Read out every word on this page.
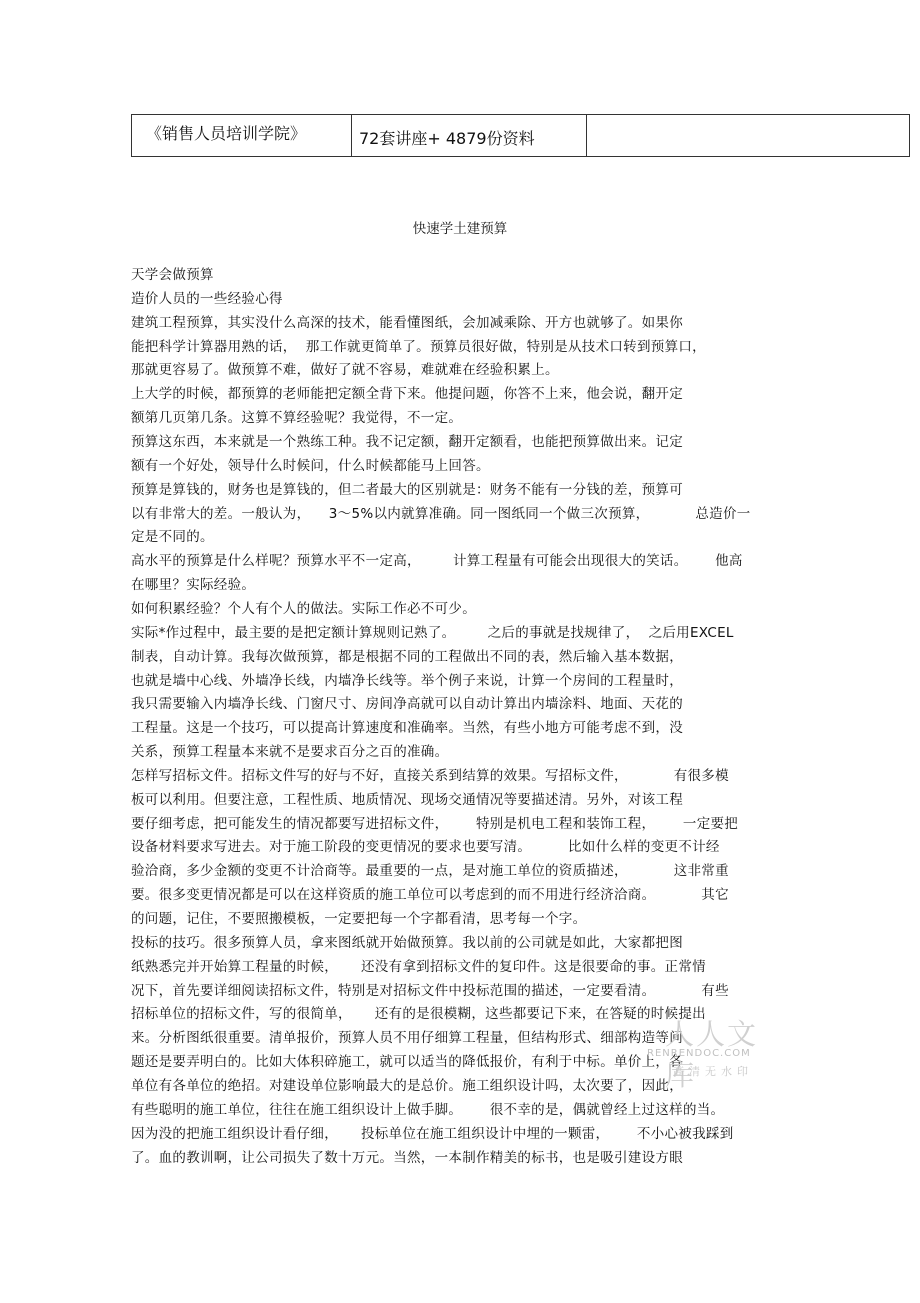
《销售人员培训学院》	72套讲座+ 4879份资料
快速学土建预算
天学会做预算
造价人员的一些经验心得
建筑工程预算，其实没什么高深的技术，能看懂图纸，会加减乘除、开方也就够了。如果你
能把科学计算器用熟的话，  那工作就更简单了。预算员很好做，特别是从技术口转到预算口，
那就更容易了。做预算不难，做好了就不容易，难就难在经验积累上。
上大学的时候，都预算的老师能把定额全背下来。他提问题，你答不上来，他会说，翻开定
额第几页第几条。这算不算经验呢？我觉得，不一定。
预算这东西，本来就是一个熟练工种。我不记定额，翻开定额看，也能把预算做出来。记定
额有一个好处，领导什么时候问，什么时候都能马上回答。
预算是算钱的，财务也是算钱的，但二者最大的区别就是：财务不能有一分钱的差，预算可
以有非常大的差。一般认为，    3～5%以内就算准确。同一图纸同一个做三次预算，          总造价一
定是不同的。
高水平的预算是什么样呢？预算水平不一定高，       计算工程量有可能会出现很大的笑话。      他高
在哪里？实际经验。
如何积累经验？个人有个人的做法。实际工作必不可少。
实际*作过程中，最主要的是把定额计算规则记熟了。       之后的事就是找规律了，  之后用EXCEL
制表，自动计算。我每次做预算，都是根据不同的工程做出不同的表，然后输入基本数据，
也就是墙中心线、外墙净长线，内墙净长线等。举个例子来说，计算一个房间的工程量时，
我只需要输入内墙净长线、门窗尺寸、房间净高就可以自动计算出内墙涂料、地面、天花的
工程量。这是一个技巧，可以提高计算速度和准确率。当然，有些小地方可能考虑不到，没
关系，预算工程量本来就不是要求百分之百的准确。
怎样写招标文件。招标文件写的好与不好，直接关系到结算的效果。写招标文件，          有很多模
板可以利用。但要注意，工程性质、地质情况、现场交通情况等要描述清。另外，对该工程
要仔细考虑，把可能发生的情况都要写进招标文件，      特别是机电工程和装饰工程，      一定要把
设备材料要求写进去。对于施工阶段的变更情况的要求也要写清。        比如什么样的变更不计经
验洽商，多少金额的变更不计洽商等。最重要的一点，是对施工单位的资质描述，          这非常重
要。很多变更情况都是可以在这样资质的施工单位可以考虑到的而不用进行经济洽商。          其它
的问题，记住，不要照搬模板，一定要把每一个字都看清，思考每一个字。
投标的技巧。很多预算人员，拿来图纸就开始做预算。我以前的公司就是如此，大家都把图
纸熟悉完并开始算工程量的时候，     还没有拿到招标文件的复印件。这是很要命的事。正常情
况下，首先要详细阅读招标文件，特别是对招标文件中投标范围的描述，一定要看清。          有些
招标单位的招标文件，写的很简单，     还有的是很模糊，这些都要记下来，在答疑的时候提出
来。分析图纸很重要。清单报价，预算人员不用仔细算工程量，但结构形式、细部构造等问
题还是要弄明白的。比如大体积碎施工，就可以适当的降低报价，有利于中标。单价上，各
单位有各单位的绝招。对建设单位影响最大的是总价。施工组织设计吗，太次要了，因此，
有些聪明的施工单位，往往在施工组织设计上做手脚。      很不幸的是，偶就曾经上过这样的当。
因为没的把施工组织设计看仔细，     投标单位在施工组织设计中埋的一颗雷，      不小心被我踩到
了。血的教训啊，让公司损失了数十万元。当然，一本制作精美的标书，也是吸引建设方眼
人人文库
RENRENDOC.COM
高清无水印
